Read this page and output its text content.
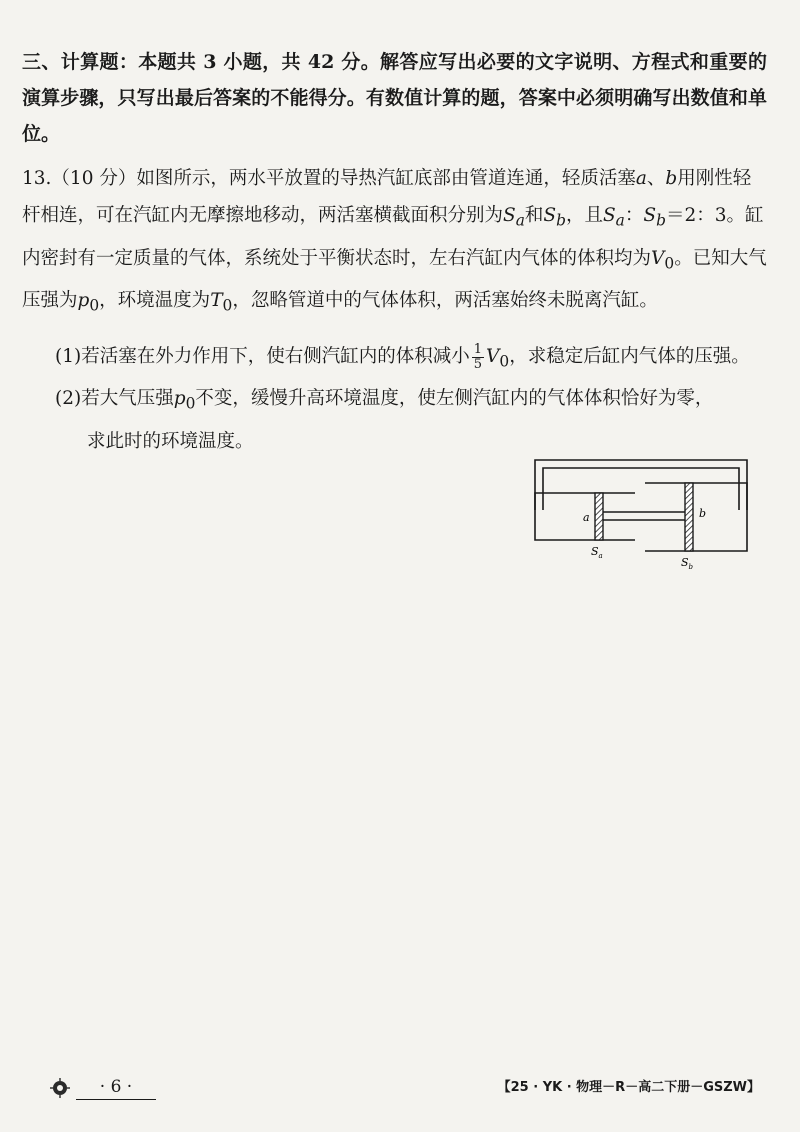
三、计算题：本题共 3 小题，共 42 分。解答应写出必要的文字说明、方程式和重要的演算步骤，只写出最后答案的不能得分。有数值计算的题，答案中必须明确写出数值和单位。

13.（10 分）如图所示，两水平放置的导热汽缸底部由管道连通，轻质活塞a、b用刚性轻杆相连，可在汽缸内无摩擦地移动，两活塞横截面积分别为$S_a$和$S_b$，且$S_a$：$S_b=2$：3。缸内密封有一定质量的气体，系统处于平衡状态时，左右汽缸内气体的体积均为$V_0$。已知大气压强为$p_0$，环境温度为$T_0$，忽略管道中的气体体积，两活塞始终未脱离汽缸。

(1)若活塞在外力作用下，使右侧汽缸内的体积减小 $\frac{1}{5} V_0$，求稳定后缸内气体的压强。

(2)若大气压强$p_0$不变，缓慢升高环境温度，使左侧汽缸内的气体体积恰好为零，
求此时的环境温度。

a	b
$S_a$	$S_b$
· 6 ·	【25 · YK · 物理－R－高二下册－GSZW】
